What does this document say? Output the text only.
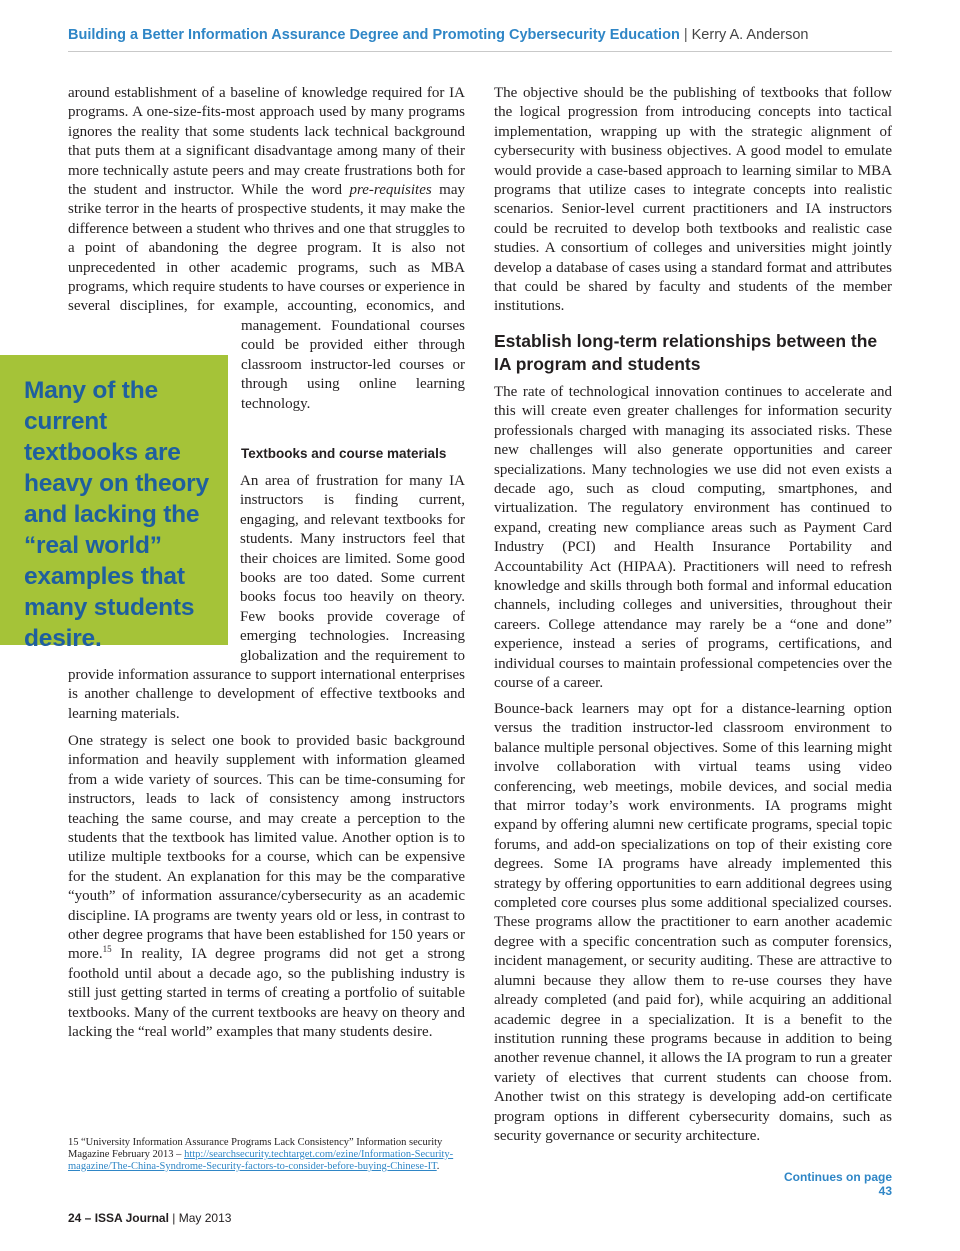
Building a Better Information Assurance Degree and Promoting Cybersecurity Education | Kerry A. Anderson
Many of the current textbooks are heavy on theory and lacking the “real world” examples that many students desire.
Textbooks and course materials
Establish long-term relationships between the IA program and students
15 “University Information Assurance Programs Lack Consistency” Information security Magazine February 2013 – http://searchsecurity.techtarget.com/ezine/Information-Security-magazine/The-China-Syndrome-Security-factors-to-consider-before-buying-Chinese-IT.
Continues on page 43
24 – ISSA Journal | May 2013

around establishment of a baseline of knowledge required for IA programs. A one-size-fits-most approach used by many programs ignores the reality that some students lack technical background that puts them at a significant disadvantage among many of their more technically astute peers and may create frustrations both for the student and instructor. While the word pre-requisites may strike terror in the hearts of prospective students, it may make the difference between a student who thrives and one that struggles to a point of abandoning the degree program. It is also not unprecedented in other academic programs, such as MBA programs, which require students to have courses or experience in several disciplines, for example, accounting, economics, and management. Foundational courses could be provided either through classroom instructor-led courses or through using online learning technology.

An area of frustration for many IA instructors is finding current, engaging, and relevant textbooks for students. Many instructors feel that their choices are limited. Some good books are too dated. Some current books focus too heavily on theory. Few books provide coverage of emerging technologies. Increasing globalization and the requirement to provide information assurance to support international enterprises is another challenge to development of effective textbooks and learning materials.

One strategy is select one book to provided basic background information and heavily supplement with information gleamed from a wide variety of sources. This can be time-consuming for instructors, leads to lack of consistency among instructors teaching the same course, and may create a perception to the students that the textbook has limited value. Another option is to utilize multiple textbooks for a course, which can be expensive for the student. An explanation for this may be the comparative “youth” of information assurance/cybersecurity as an academic discipline. IA programs are twenty years old or less, in contrast to other degree programs that have been established for 150 years or more.$^{15}$ In reality, IA degree programs did not get a strong foothold until about a decade ago, so the publishing industry is still just getting started in terms of creating a portfolio of suitable textbooks. Many of the current textbooks are heavy on theory and lacking the “real world” examples that many students desire.

The objective should be the publishing of textbooks that follow the logical progression from introducing concepts into tactical implementation, wrapping up with the strategic alignment of cybersecurity with business objectives. A good model to emulate would provide a case-based approach to learning similar to MBA programs that utilize cases to integrate concepts into realistic scenarios. Senior-level current practitioners and IA instructors could be recruited to develop both textbooks and realistic case studies. A consortium of colleges and universities might jointly develop a database of cases using a standard format and attributes that could be shared by faculty and students of the member institutions.

The rate of technological innovation continues to accelerate and this will create even greater challenges for information security professionals charged with managing its associated risks. These new challenges will also generate opportunities and career specializations. Many technologies we use did not even exists a decade ago, such as cloud computing, smartphones, and virtualization. The regulatory environment has continued to expand, creating new compliance areas such as Payment Card Industry (PCI) and Health Insurance Portability and Accountability Act (HIPAA). Practitioners will need to refresh knowledge and skills through both formal and informal education channels, including colleges and universities, throughout their careers. College attendance may rarely be a “one and done” experience, instead a series of programs, certifications, and individual courses to maintain professional competencies over the course of a career.

Bounce-back learners may opt for a distance-learning option versus the tradition instructor-led classroom environment to balance multiple personal objectives. Some of this learning might involve collaboration with virtual teams using video conferencing, web meetings, mobile devices, and social media that mirror today’s work environments. IA programs might expand by offering alumni new certificate programs, special topic forums, and add-on specializations on top of their existing core degrees. Some IA programs have already implemented this strategy by offering opportunities to earn additional degrees using completed core courses plus some additional specialized courses. These programs allow the practitioner to earn another academic degree with a specific concentration such as computer forensics, incident management, or security auditing. These are attractive to alumni because they allow them to re-use courses they have already completed (and paid for), while acquiring an additional academic degree in a specialization. It is a benefit to the institution running these programs because in addition to being another revenue channel, it allows the IA program to run a greater variety of electives that current students can choose from. Another twist on this strategy is developing add-on certificate program options in different cybersecurity domains, such as security governance or security architecture.
